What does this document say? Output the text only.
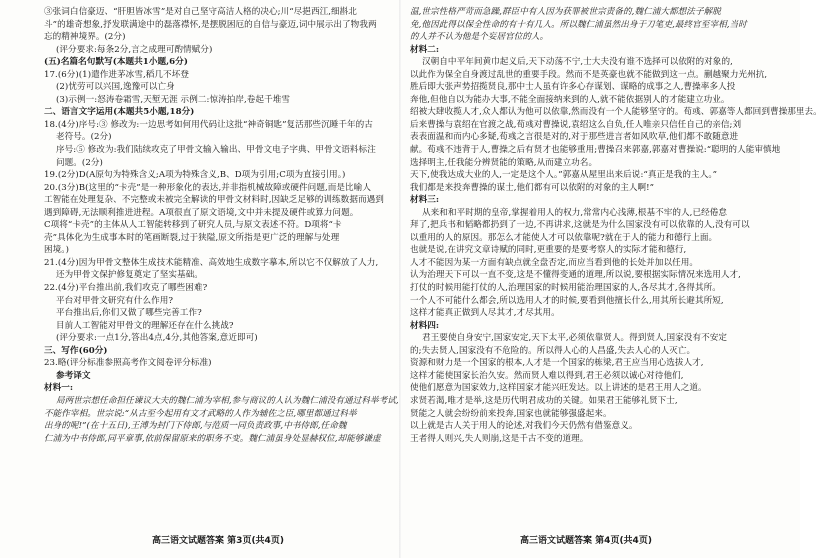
③张词白信豪迈、“肝胆皆冰雪”是对自己坚守高洁人格的决心;川“尽挹西江,细斟北
斗”的雄奇想象,抒发联满途中的磊落襟怀,是摆脱困厄的自信与豪迈,词中展示出了物我两
忘的精神境界。(2分)
(评分要求:每条2分,言之成理可酌情赋分)
(五)名篇名句默写(本题共1小题,6分)
17.(6分)(1)遣作进茅冰雪,稻几不坏登
(2)忧劳可以兴国,逸豫可以亡身
(3)示例一:怒涛卷霜雪,天堑无涯 示例二:惊涛拍岸,卷起千堆雪
二、语言文字运用(本题共5小题,18分)
18.(4分)序号:③ 修改为:一边思考如何用代码让这批“神奇铜匙”复活那些沉睡千年的古
老符号。(2分)
序号:⑤ 修改为:我们陆续攻克了甲骨文输入输出、甲骨文电子字典、甲骨文语料标注
问题。(2分)
19.(2分)D(A原句为特殊含义;A项为特殊含义,B、D项为引用;C项为直接引用。)
20.(3分)B(这里的“卡壳”是一种形象化的表达,并非指机械故障或硬件问题,而是比喻人
工智能在处理复杂、不完整或未被完全解读的甲骨文材料时,因缺乏足够的训练数据而遇到
遇到障碍,无法顺利推进进程。A项很直了原文语境,文中并未提及硬件或算力问题。
C项将“卡壳”的主体从人工智能转移到了研究人员,与原文表述不符。D项将“卡
壳”具体化为生成事本时的笔画断裂,过于狭隘,原文所指是更广泛的理解与处理
困境。)
21.(4分)因为甲骨文整体生成技术能精准、高效地生成数字摹本,所以它不仅解放了人力,
还为甲骨文保护修复奠定了坚实基础。
22.(4分)平台推出前,我们攻克了哪些困难?
平台对甲骨文研究有什么作用?
平台推出后,你们又做了哪些完善工作?
目前人工智能对甲骨文的理解还存在什么挑战?
(评分要求:一点1分,答出4点,4分,其他答案,意近即可)
三、写作(60分)
23.略(评分标准参照高考作文阅卷评分标准)
参考译文
材料一:
局两世宗想任命担任谏议大夫的魏仁浦为宰相,参与商议的人认为魏仁浦没有通过科举考试,
不能作宰相。世宗说:“从古至今起用有文才武略的人作为辅佐之臣,哪里都通过科举
出身的呢!”(在十五日),王溥为封门下侍郎,与范质一同负责政事,中书侍郎,任命魏
仁浦为中书侍郎,同平章事,依前保留原来的职务不变。魏仁浦虽身处显赫权位,却能够谦虚
高三语文试题答案 第3页(共4页)
温,世宗性格严苛而急躁,群臣中有人因为获罪被世宗责备的,魏仁浦大都想法子解脱
免,他因此得以保全性命的有十有几人。所以魏仁浦虽然出身于刀笔吏,最终官至宰相,当时
的人并不认为他是个妄居官位的人。
材料二:
汉朝自中平年间黄巾起义后,天下动荡不宁,士大夫没有谁不选择可以依附的对象的,
以此作为保全自身渡过乱世的重要手段。然而不是英豪也就不能做到这一点。蒯越聚力光州抗,
胜后即大张声势招揽贤良,那中士人虽有许多心存谋划、谋略的成事之人,曹操率多人投
奔他,但他自以为能办大事,不能全面接纳来到的人,就不能依据别人的才能建立功业。
绍被大肆收揽人才,众人都认为他可以依靠,然而没有一个人能够坚守的。荀彧、郭嘉等人都回到曹操那里去。
后来曹操与袁绍在官渡之战,荀彧对曹操说,袁绍这么自负,任人唯亲只信任自己的亲信;刘
表表面温和而内心多疑,荀彧之言很是对的,对于那些进言者如风吹草,他们都不敢随意进
献。荀彧不违背于人,曹操之后有贤才也能够重用;曹操召来郭嘉,郭嘉对曹操说:“聪明的人能审慎地
选择明主,任我能分辨贤能的策略,从而建立功名。
天下,使我达成大业的人,一定是这个人。”郭嘉从屋里出来后说:“真正是我的主人。”
我们都是来投奔曹操的谋士,他们都有可以依附的对象的主人啊!”
材料三:
从来和和平时期的皇帝,掌握着用人的权力,常常内心浅薄,根基不牢的人,已经倦怠
拜了,把兵书和韬略都扔到了一边,不再讲求,这就是为什么国家没有可以依靠的人,没有可以
以重用的人的原因。那怎么才能使人才可以依靠呢?就在于人的能力和德行上面。
也就是说,在讲究文章诗赋的同时,更重要的是要考察人的实际才能和德行,
人才不能因为某一方面有缺点就全盘否定,而应当看到他的长处并加以任用。
认为治理天下可以一直不变,这是不懂得变通的道理,所以说,要根据实际情况来选用人才,
打仗的时候用能打仗的人,治理国家的时候用能治理国家的人,各尽其才,各得其所。
一个人不可能什么都会,所以选用人才的时候,要看到他擅长什么,用其所长避其所短,
这样才能真正做到人尽其才,才尽其用。
材料四:
君王要使自身安宁,国家安定,天下太平,必须依靠贤人。得到贤人,国家没有不安定
的;失去贤人,国家没有不危险的。所以得人心的人昌盛,失去人心的人灭亡。
资源和财力是一个国家的根本,人才是一个国家的栋梁,君王应当用心选拔人才,
这样才能使国家长治久安。然而贤人难以得到,君王必须以诚心对待他们,
使他们愿意为国家效力,这样国家才能兴旺发达。以上讲述的是君王用人之道。
求贤若渴,唯才是举,这是历代明君成功的关键。如果君王能够礼贤下士,
贤能之人就会纷纷前来投奔,国家也就能够强盛起来。
以上就是古人关于用人的论述,对我们今天仍然有借鉴意义。
王者得人则兴,失人则崩,这是千古不变的道理。
高三语文试题答案 第4页(共4页)
